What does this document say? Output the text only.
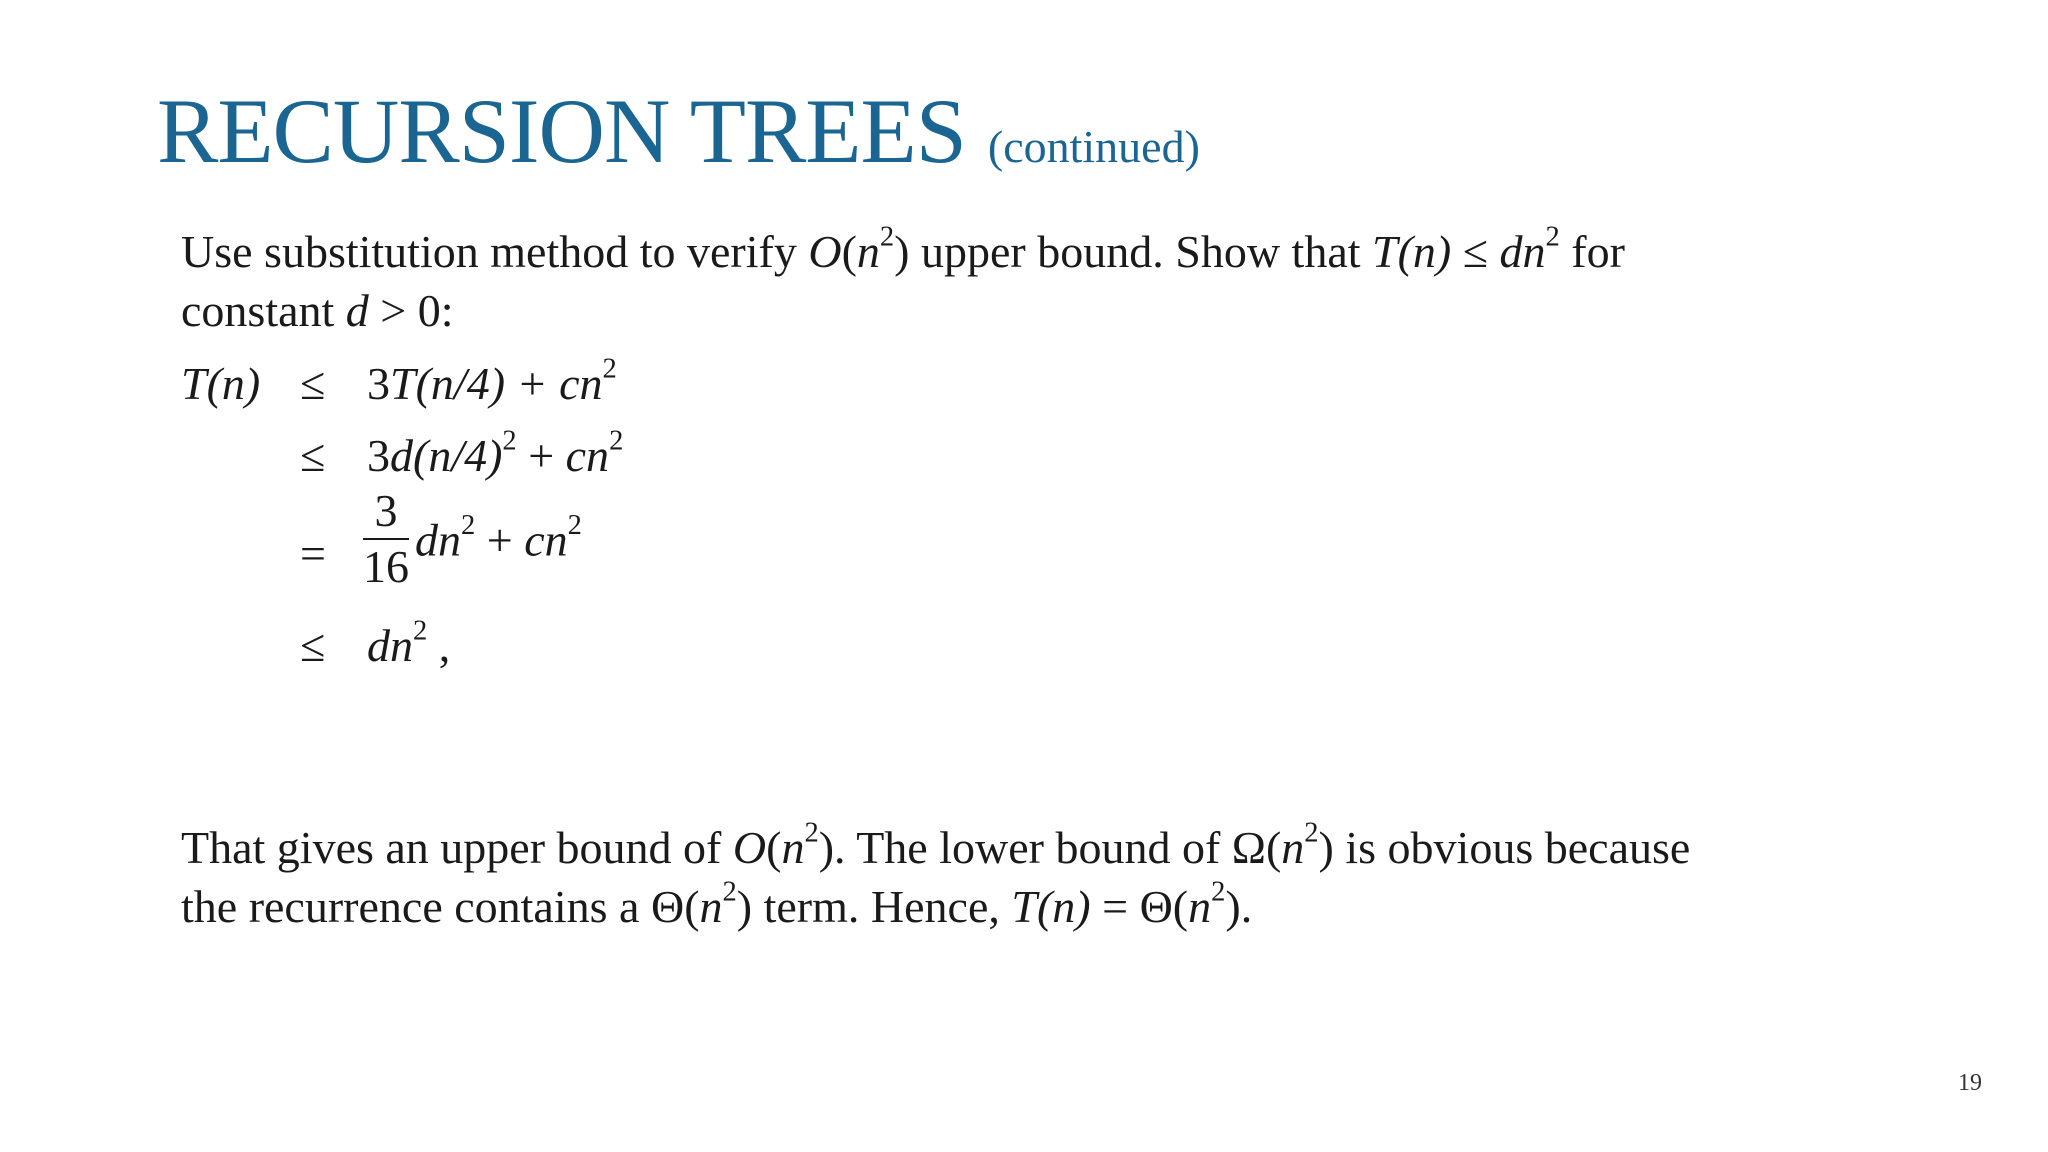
RECURSION TREES (continued)
Use substitution method to verify $O(n^2)$ upper bound. Show that $T(n) \le dn^2$ for
constant d > 0:
$T(n) \le 3T(n/4) + cn^2$
≤ $3d(n/4)^2 + cn^2$
= $\frac{3}{16} dn^2 + cn^2$
≤ $dn^2$ ,
That gives an upper bound of $O(n^2)$. The lower bound of $\Omega(n^2)$ is obvious because
the recurrence contains a $\Theta(n^2)$ term. Hence, $T(n) = \Theta(n^2)$.
19
